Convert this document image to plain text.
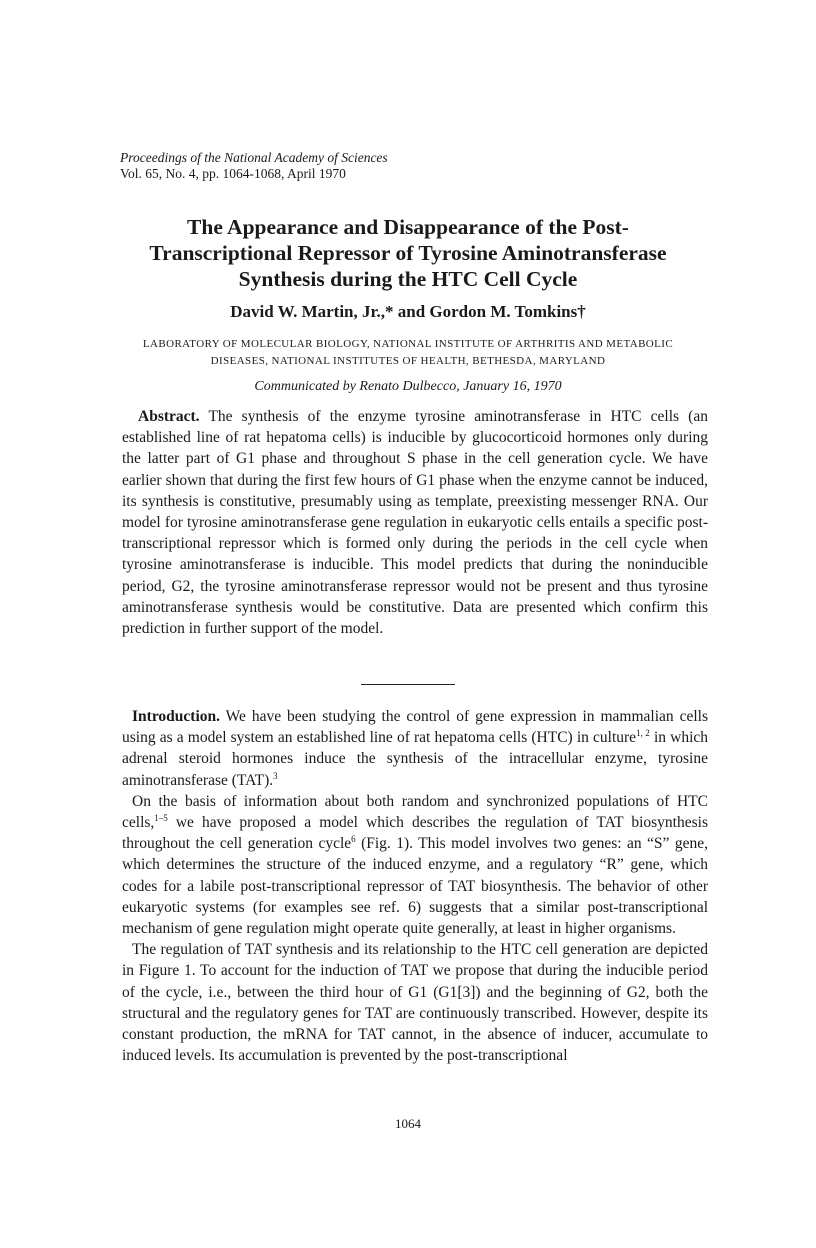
Proceedings of the National Academy of Sciences
Vol. 65, No. 4, pp. 1064-1068, April 1970
The Appearance and Disappearance of the Post-
Transcriptional Repressor of Tyrosine Aminotransferase
Synthesis during the HTC Cell Cycle
David W. Martin, Jr.,* and Gordon M. Tomkins†
LABORATORY OF MOLECULAR BIOLOGY, NATIONAL INSTITUTE OF ARTHRITIS AND METABOLIC
DISEASES, NATIONAL INSTITUTES OF HEALTH, BETHESDA, MARYLAND
Communicated by Renato Dulbecco, January 16, 1970
Abstract. The synthesis of the enzyme tyrosine aminotransferase in HTC cells (an established line of rat hepatoma cells) is inducible by glucocorticoid hormones only during the latter part of G1 phase and throughout S phase in the cell generation cycle. We have earlier shown that during the first few hours of G1 phase when the enzyme cannot be induced, its synthesis is constitutive, presumably using as template, preexisting messenger RNA. Our model for tyrosine aminotransferase gene regulation in eukaryotic cells entails a specific post-transcriptional repressor which is formed only during the periods in the cell cycle when tyrosine aminotransferase is inducible. This model predicts that during the noninducible period, G2, the tyrosine aminotransferase repressor would not be present and thus tyrosine aminotransferase synthesis would be constitutive. Data are presented which confirm this prediction in further support of the model.

Introduction. We have been studying the control of gene expression in mammalian cells using as a model system an established line of rat hepatoma cells (HTC) in culture$^{1, 2}$ in which adrenal steroid hormones induce the synthesis of the intracellular enzyme, tyrosine aminotransferase (TAT).$^3$

On the basis of information about both random and synchronized populations of HTC cells,$^{1-5}$ we have proposed a model which describes the regulation of TAT biosynthesis throughout the cell generation cycle$^6$ (Fig. 1). This model involves two genes: an “S” gene, which determines the structure of the induced enzyme, and a regulatory “R” gene, which codes for a labile post-transcriptional repressor of TAT biosynthesis. The behavior of other eukaryotic systems (for examples see ref. 6) suggests that a similar post-transcriptional mechanism of gene regulation might operate quite generally, at least in higher organisms.

The regulation of TAT synthesis and its relationship to the HTC cell generation are depicted in Figure 1. To account for the induction of TAT we propose that during the inducible period of the cycle, i.e., between the third hour of G1 (G1[3]) and the beginning of G2, both the structural and the regulatory genes for TAT are continuously transcribed. However, despite its constant production, the mRNA for TAT cannot, in the absence of inducer, accumulate to induced levels. Its accumulation is prevented by the post-transcriptional

1064
